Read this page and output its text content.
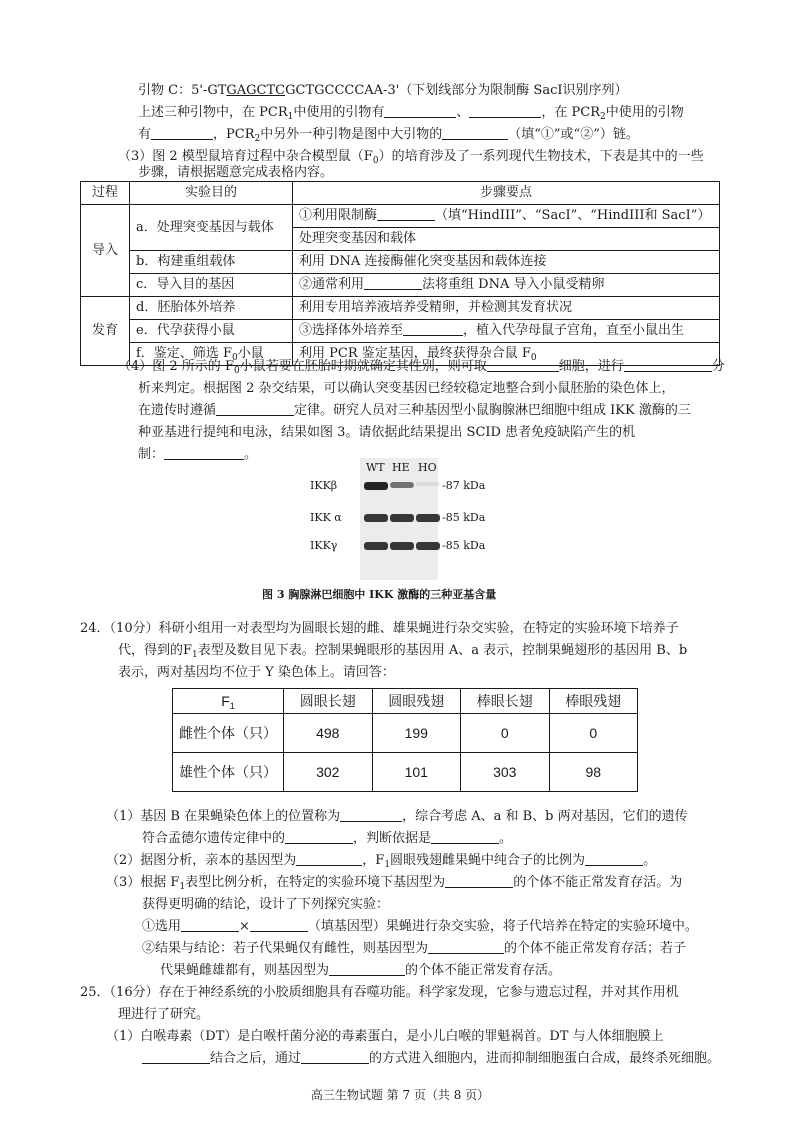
引物 C：5'-GTGAGCTCGCTGCCCCAA-3'（下划线部分为限制酶 SacI识别序列）
上述三种引物中，在 $PCR_1$中使用的引物有	、	，在 $PCR_2$中使用的引物
有	，$PCR_2$中另外一种引物是图中大引物的	（填“①”或“②”）链。
（3）图 2 模型鼠培育过程中杂合模型鼠$(F_0)$的培育涉及了一系列现代生物技术，下表是其中的一些
步骤，请根据题意完成表格内容。
过程	实验目的	步骤要点
导入	a．处理突变基因与载体	①利用限制酶 （填“HindIII”、“SacI”、“HindIII和 SacI”）
		处理突变基因和载体
	b．构建重组载体	利用 DNA 连接酶催化突变基因和载体连接
	c．导入目的基因	②通常利用 法将重组 DNA 导入小鼠受精卵
发育	d．胚胎体外培养	利用专用培养液培养受精卵，并检测其发育状况
	e．代孕获得小鼠	③选择体外培养至 ，植入代孕母鼠子宫角，直至小鼠出生
	f．鉴定、筛选 $F_0$小鼠	利用 PCR 鉴定基因，最终获得杂合鼠 $F_0$
（4）图 2 所示的 $F_0$小鼠若要在胚胎时期就确定其性别，则可取	细胞，进行	分
析来判定。根据图 2 杂交结果，可以确认突变基因已经较稳定地整合到小鼠胚胎的染色体上，
在遗传时遵循	定律。研究人员对三种基因型小鼠胸腺淋巴细胞中组成 IKK 激酶的三
种亚基进行提纯和电泳，结果如图 3。请依据此结果提出 SCID 患者免疫缺陷产生的机
制：	。
WT HE HO
IKKβ	-87 kDa
IKK α	-85 kDa
IKKγ	-85 kDa
图 3 胸腺淋巴细胞中 IKK 激酶的三种亚基含量
24．（10分）科研小组用一对表型均为圆眼长翅的雌、雄果蝇进行杂交实验，在特定的实验环境下培养子
代，得到的$F_1$表型及数目见下表。控制果蝇眼形的基因用 A、a 表示，控制果蝇翅形的基因用 B、b
表示，两对基因均不位于 Y 染色体上。请回答：
$F_1$	圆眼长翅	圆眼残翅	棒眼长翅	棒眼残翅
雌性个体（只）	498	199	0	0
雄性个体（只）	302	101	303	98
（1）基因 B 在果蝇染色体上的位置称为	，综合考虑 A、a 和 B、b 两对基因，它们的遗传
符合孟德尔遗传定律中的	，判断依据是	。
（2）据图分析，亲本的基因型为	，$F_1$圆眼残翅雌果蝇中纯合子的比例为	。
（3）根据 $F_1$表型比例分析，在特定的实验环境下基因型为	的个体不能正常发育存活。为
获得更明确的结论，设计了下列探究实验：
①选用	×	（填基因型）果蝇进行杂交实验，将子代培养在特定的实验环境中。
②结果与结论：若子代果蝇仅有雌性，则基因型为	的个体不能正常发育存活；若子
代果蝇雌雄都有，则基因型为	的个体不能正常发育存活。
25．（16分）存在于神经系统的小胶质细胞具有吞噬功能。科学家发现，它参与遗忘过程，并对其作用机
理进行了研究。
（1）白喉毒素（DT）是白喉杆菌分泌的毒素蛋白，是小儿白喉的罪魁祸首。DT 与人体细胞膜上
结合之后，通过	的方式进入细胞内，进而抑制细胞蛋白合成，最终杀死细胞。
高三生物试题 第 7 页（共 8 页）
